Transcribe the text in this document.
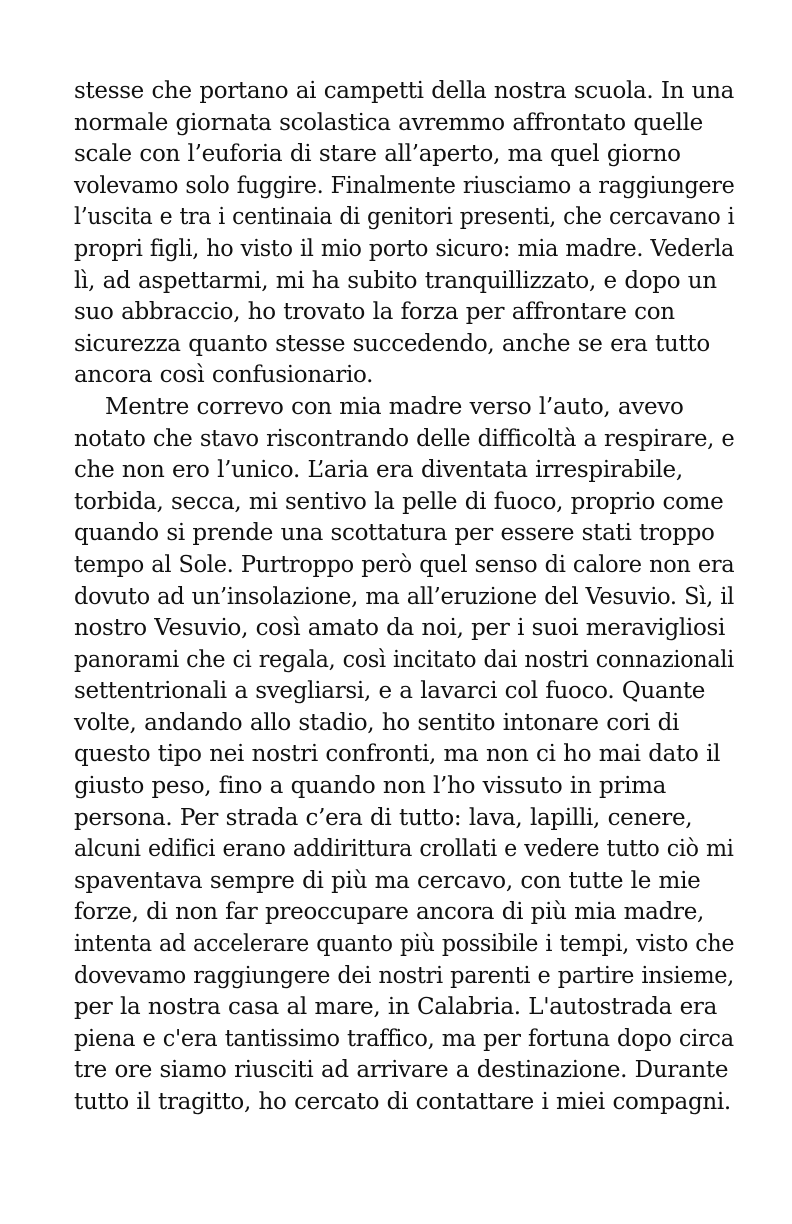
stesse che portano ai campetti della nostra scuola. In una
normale giornata scolastica avremmo affrontato quelle
scale con l’euforia di stare all’aperto, ma quel giorno
volevamo solo fuggire. Finalmente riusciamo a raggiungere
l’uscita e tra i centinaia di genitori presenti, che cercavano i
propri figli, ho visto il mio porto sicuro: mia madre. Vederla
lì, ad aspettarmi, mi ha subito tranquillizzato, e dopo un
suo abbraccio, ho trovato la forza per affrontare con
sicurezza quanto stesse succedendo, anche se era tutto
ancora così confusionario.
Mentre correvo con mia madre verso l’auto, avevo
notato che stavo riscontrando delle difficoltà a respirare, e
che non ero l’unico. L’aria era diventata irrespirabile,
torbida, secca, mi sentivo la pelle di fuoco, proprio come
quando si prende una scottatura per essere stati troppo
tempo al Sole. Purtroppo però quel senso di calore non era
dovuto ad un’insolazione, ma all’eruzione del Vesuvio. Sì, il
nostro Vesuvio, così amato da noi, per i suoi meravigliosi
panorami che ci regala, così incitato dai nostri connazionali
settentrionali a svegliarsi, e a lavarci col fuoco. Quante
volte, andando allo stadio, ho sentito intonare cori di
questo tipo nei nostri confronti, ma non ci ho mai dato il
giusto peso, fino a quando non l’ho vissuto in prima
persona. Per strada c’era di tutto: lava, lapilli, cenere,
alcuni edifici erano addirittura crollati e vedere tutto ciò mi
spaventava sempre di più ma cercavo, con tutte le mie
forze, di non far preoccupare ancora di più mia madre,
intenta ad accelerare quanto più possibile i tempi, visto che
dovevamo raggiungere dei nostri parenti e partire insieme,
per la nostra casa al mare, in Calabria. L'autostrada era
piena e c'era tantissimo traffico, ma per fortuna dopo circa
tre ore siamo riusciti ad arrivare a destinazione. Durante
tutto il tragitto, ho cercato di contattare i miei compagni.
